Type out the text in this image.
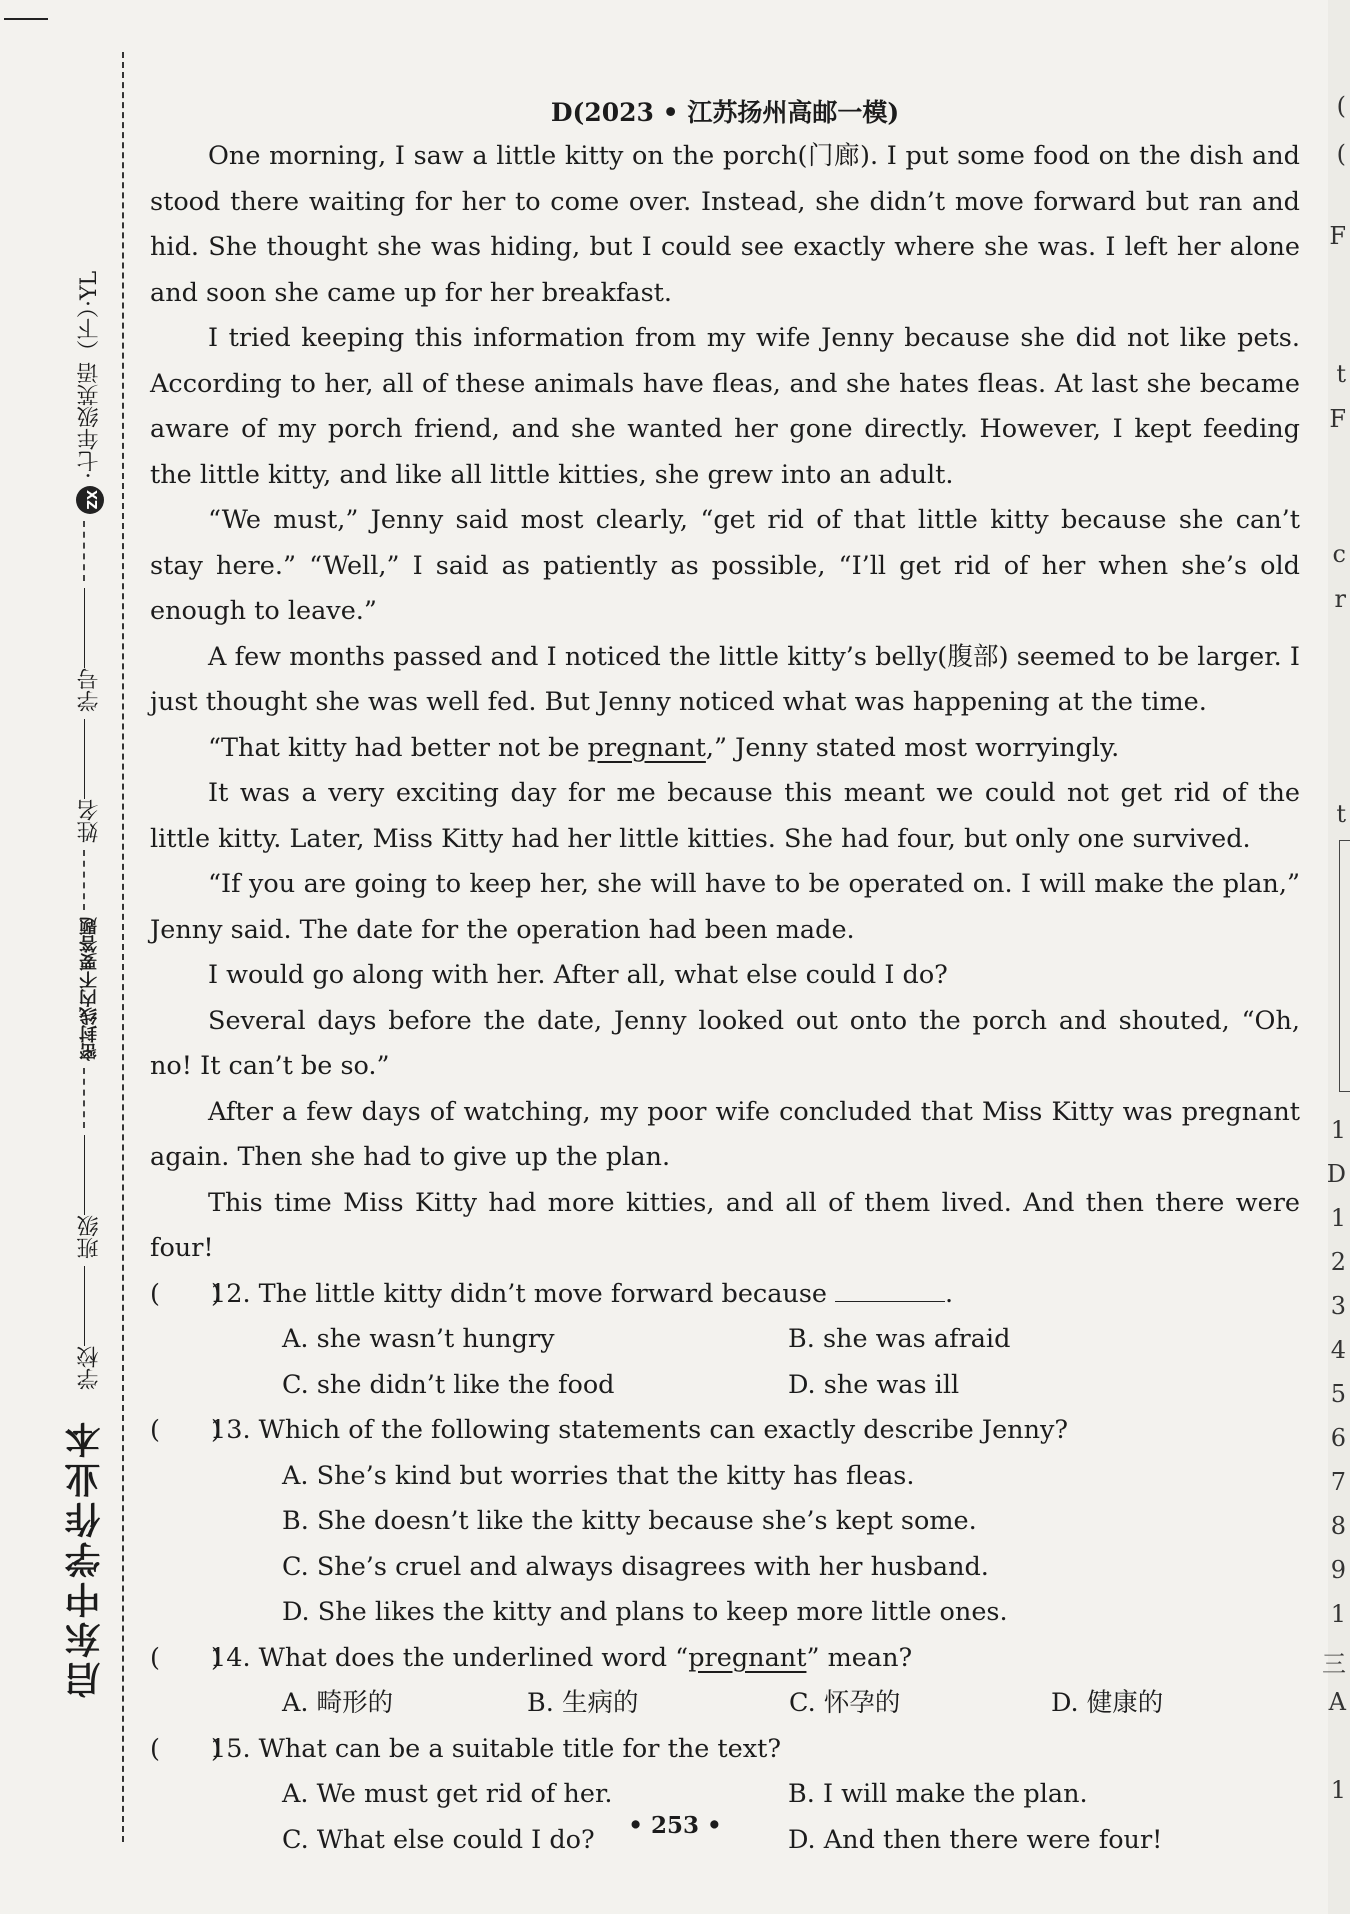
学校 班级  密封线内不要答题  姓名 学号  XZ ·七年级英语（下）·YL
启东中学作业本
(
(
F
t
F
c
r
t
1
D
1
2
3
4
5
6
7
8
9
1
三
A
1
D(2023 • 江苏扬州高邮一模)

One morning, I saw a little kitty on the porch(门廊). I put some food on the dish and stood there waiting for her to come over. Instead, she didn’t move forward but ran and hid. She thought she was hiding, but I could see exactly where she was. I left her alone and soon she came up for her breakfast.

I tried keeping this information from my wife Jenny because she did not like pets. According to her, all of these animals have fleas, and she hates fleas. At last she became aware of my porch friend, and she wanted her gone directly. However, I kept feeding the little kitty, and like all little kitties, she grew into an adult.

“We must,” Jenny said most clearly, “get rid of that little kitty because she can’t stay here.” “Well,” I said as patiently as possible, “I’ll get rid of her when she’s old enough to leave.”

A few months passed and I noticed the little kitty’s belly(腹部) seemed to be larger. I just thought she was well fed. But Jenny noticed what was happening at the time.

“That kitty had better not be pregnant,” Jenny stated most worryingly.

It was a very exciting day for me because this meant we could not get rid of the little kitty. Later, Miss Kitty had her little kitties. She had four, but only one survived.

“If you are going to keep her, she will have to be operated on. I will make the plan,” Jenny said. The date for the operation had been made.

I would go along with her. After all, what else could I do?

Several days before the date, Jenny looked out onto the porch and shouted, “Oh, no! It can’t be so.”

After a few days of watching, my poor wife concluded that Miss Kitty was pregnant again. Then she had to give up the plan.

This time Miss Kitty had more kitties, and all of them lived. And then there were four!

(　　)12. The little kitty didn’t move forward because	.
A. she wasn’t hungry	B. she was afraid
C. she didn’t like the food	D. she was ill
(　　)13. Which of the following statements can exactly describe Jenny?
A. She’s kind but worries that the kitty has fleas.
B. She doesn’t like the kitty because she’s kept some.
C. She’s cruel and always disagrees with her husband.
D. She likes the kitty and plans to keep more little ones.
(　　)14. What does the underlined word “pregnant” mean?
A. 畸形的	B. 生病的	C. 怀孕的	D. 健康的
(　　)15. What can be a suitable title for the text?
A. We must get rid of her.	B. I will make the plan.
C. What else could I do?	D. And then there were four!
• 253 •
